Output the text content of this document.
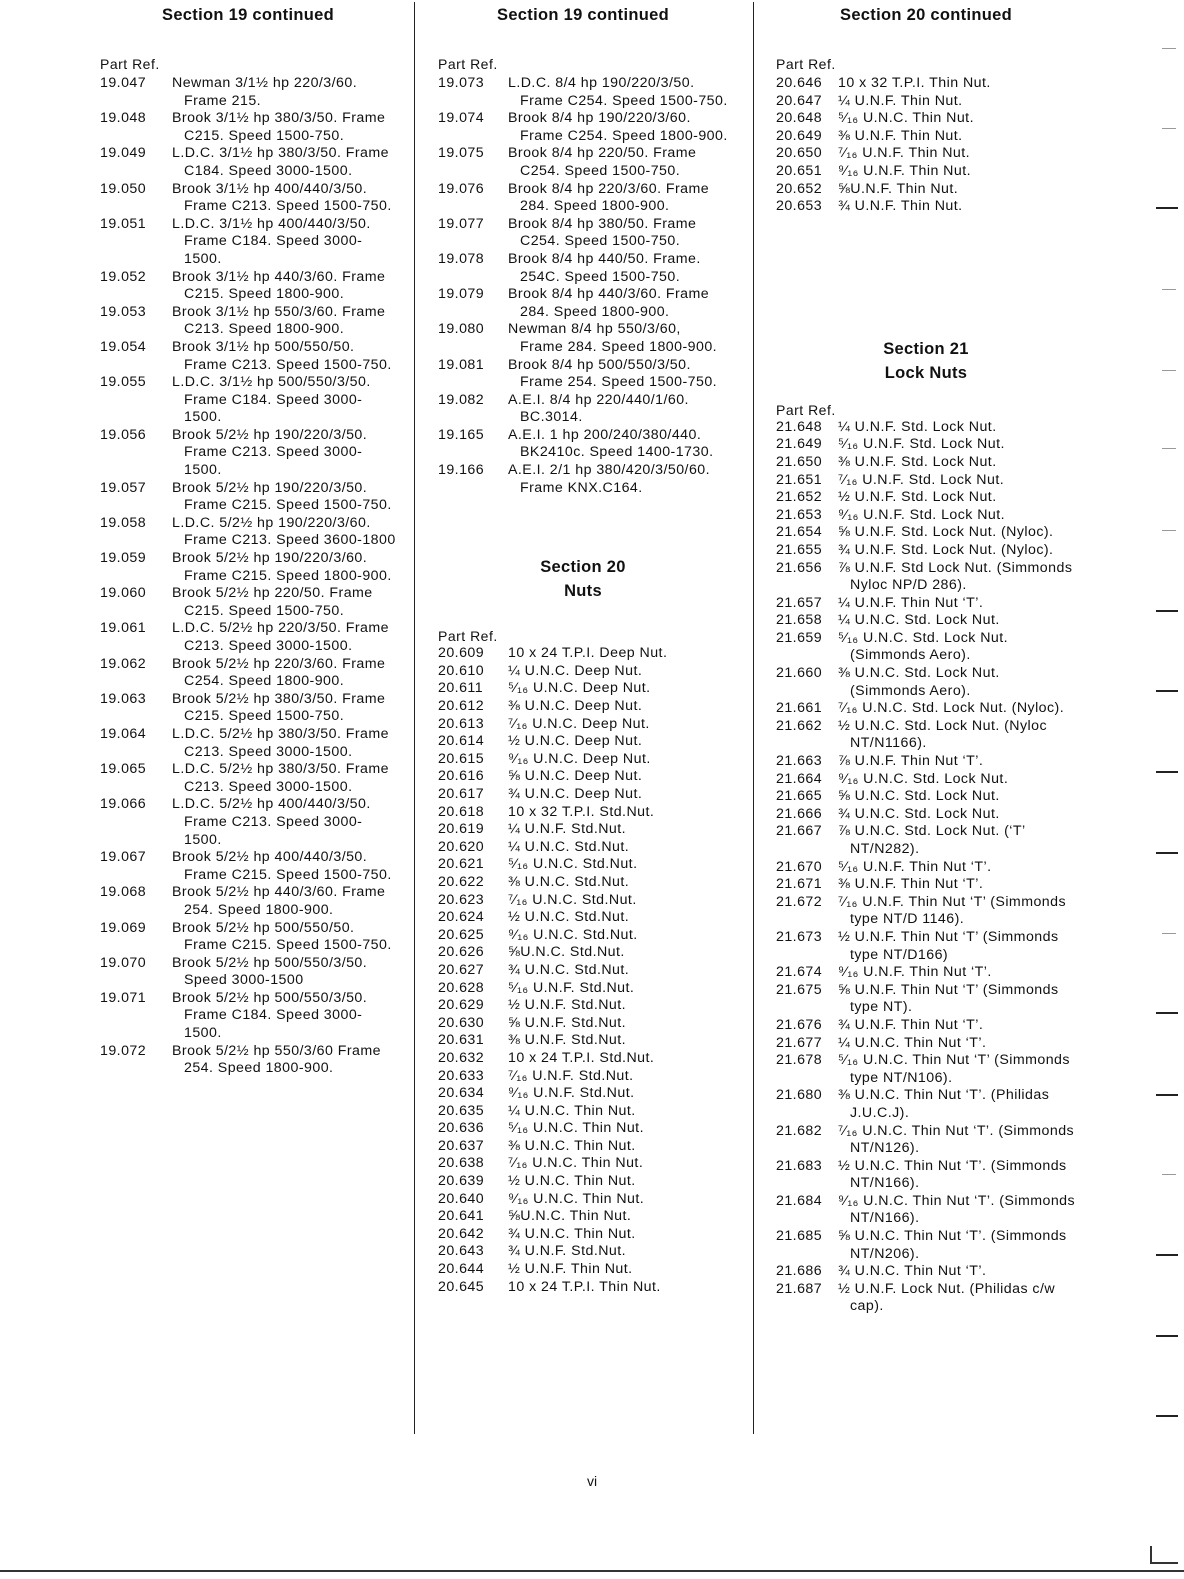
Section 19 continued
Part Ref.
19.047	Newman 3/1½ hp 220/3/60. Frame 215.
19.048	Brook 3/1½ hp 380/3/50. Frame C215. Speed 1500-750.
19.049	L.D.C. 3/1½ hp 380/3/50. Frame C184. Speed 3000-1500.
19.050	Brook 3/1½ hp 400/440/3/50. Frame C213. Speed 1500-750.
19.051	L.D.C. 3/1½ hp 400/440/3/50. Frame C184. Speed 3000-1500.
19.052	Brook 3/1½ hp 440/3/60. Frame C215. Speed 1800-900.
19.053	Brook 3/1½ hp 550/3/60. Frame C213. Speed 1800-900.
19.054	Brook 3/1½ hp 500/550/50. Frame C213. Speed 1500-750.
19.055	L.D.C. 3/1½ hp 500/550/3/50. Frame C184. Speed 3000-1500.
19.056	Brook 5/2½ hp 190/220/3/50. Frame C213. Speed 3000-1500.
19.057	Brook 5/2½ hp 190/220/3/50. Frame C215. Speed 1500-750.
19.058	L.D.C. 5/2½ hp 190/220/3/60. Frame C213. Speed 3600-1800
19.059	Brook 5/2½ hp 190/220/3/60. Frame C215. Speed 1800-900.
19.060	Brook 5/2½ hp 220/50. Frame C215. Speed 1500-750.
19.061	L.D.C. 5/2½ hp 220/3/50. Frame C213. Speed 3000-1500.
19.062	Brook 5/2½ hp 220/3/60. Frame C254. Speed 1800-900.
19.063	Brook 5/2½ hp 380/3/50. Frame C215. Speed 1500-750.
19.064	L.D.C. 5/2½ hp 380/3/50. Frame C213. Speed 3000-1500.
19.065	L.D.C. 5/2½ hp 380/3/50. Frame C213. Speed 3000-1500.
19.066	L.D.C. 5/2½ hp 400/440/3/50. Frame C213. Speed 3000-1500.
19.067	Brook 5/2½ hp 400/440/3/50. Frame C215. Speed 1500-750.
19.068	Brook 5/2½ hp 440/3/60. Frame 254. Speed 1800-900.
19.069	Brook 5/2½ hp 500/550/50. Frame C215. Speed 1500-750.
19.070	Brook 5/2½ hp 500/550/3/50. Speed 3000-1500
19.071	Brook 5/2½ hp 500/550/3/50. Frame C184. Speed 3000-1500.
19.072	Brook 5/2½ hp 550/3/60 Frame 254. Speed 1800-900.
Section 19 continued
Part Ref.
19.073	L.D.C. 8/4 hp 190/220/3/50. Frame C254. Speed 1500-750.
19.074	Brook 8/4 hp 190/220/3/60. Frame C254. Speed 1800-900.
19.075	Brook 8/4 hp 220/50. Frame C254. Speed 1500-750.
19.076	Brook 8/4 hp 220/3/60. Frame 284. Speed 1800-900.
19.077	Brook 8/4 hp 380/50. Frame C254. Speed 1500-750.
19.078	Brook 8/4 hp 440/50. Frame. 254C. Speed 1500-750.
19.079	Brook 8/4 hp 440/3/60. Frame 284. Speed 1800-900.
19.080	Newman 8/4 hp 550/3/60, Frame 284. Speed 1800-900.
19.081	Brook 8/4 hp 500/550/3/50. Frame 254. Speed 1500-750.
19.082	A.E.I. 8/4 hp 220/440/1/60. BC.3014.
19.165	A.E.I. 1 hp 200/240/380/440. BK2410c. Speed 1400-1730.
19.166	A.E.I. 2/1 hp 380/420/3/50/60. Frame KNX.C164.
Section 20
Nuts
Part Ref.
20.609	10 x 24 T.P.I. Deep Nut.
20.610	¼ U.N.C. Deep Nut.
20.611	⁵⁄₁₆ U.N.C. Deep Nut.
20.612	⅜ U.N.C. Deep Nut.
20.613	⁷⁄₁₆ U.N.C. Deep Nut.
20.614	½ U.N.C. Deep Nut.
20.615	⁹⁄₁₆ U.N.C. Deep Nut.
20.616	⅝ U.N.C. Deep Nut.
20.617	¾ U.N.C. Deep Nut.
20.618	10 x 32 T.P.I. Std.Nut.
20.619	¼ U.N.F. Std.Nut.
20.620	¼ U.N.C. Std.Nut.
20.621	⁵⁄₁₆ U.N.C. Std.Nut.
20.622	⅜ U.N.C. Std.Nut.
20.623	⁷⁄₁₆ U.N.C. Std.Nut.
20.624	½ U.N.C. Std.Nut.
20.625	⁹⁄₁₆ U.N.C. Std.Nut.
20.626	⅝U.N.C. Std.Nut.
20.627	¾ U.N.C. Std.Nut.
20.628	⁵⁄₁₆ U.N.F. Std.Nut.
20.629	½ U.N.F. Std.Nut.
20.630	⅝ U.N.F. Std.Nut.
20.631	⅜ U.N.F. Std.Nut.
20.632	10 x 24 T.P.I. Std.Nut.
20.633	⁷⁄₁₆ U.N.F. Std.Nut.
20.634	⁹⁄₁₆ U.N.F. Std.Nut.
20.635	¼ U.N.C. Thin Nut.
20.636	⁵⁄₁₆ U.N.C. Thin Nut.
20.637	⅜ U.N.C. Thin Nut.
20.638	⁷⁄₁₆ U.N.C. Thin Nut.
20.639	½ U.N.C. Thin Nut.
20.640	⁹⁄₁₆ U.N.C. Thin Nut.
20.641	⅝U.N.C. Thin Nut.
20.642	¾ U.N.C. Thin Nut.
20.643	¾ U.N.F. Std.Nut.
20.644	½ U.N.F. Thin Nut.
20.645	10 x 24 T.P.I. Thin Nut.
Section 20 continued
Part Ref.
20.646	10 x 32 T.P.I. Thin Nut.
20.647	¼ U.N.F. Thin Nut.
20.648	⁵⁄₁₆ U.N.C. Thin Nut.
20.649	⅜ U.N.F. Thin Nut.
20.650	⁷⁄₁₆ U.N.F. Thin Nut.
20.651	⁹⁄₁₆ U.N.F. Thin Nut.
20.652	⅝U.N.F. Thin Nut.
20.653	¾ U.N.F. Thin Nut.
Section 21
Lock Nuts
Part Ref.
21.648	¼ U.N.F. Std. Lock Nut.
21.649	⁵⁄₁₆ U.N.F. Std. Lock Nut.
21.650	⅜ U.N.F. Std. Lock Nut.
21.651	⁷⁄₁₆ U.N.F. Std. Lock Nut.
21.652	½ U.N.F. Std. Lock Nut.
21.653	⁹⁄₁₆ U.N.F. Std. Lock Nut.
21.654	⅝ U.N.F. Std. Lock Nut. (Nyloc).
21.655	¾ U.N.F. Std. Lock Nut. (Nyloc).
21.656	⅞ U.N.F. Std Lock Nut. (Simmonds Nyloc NP/D 286).
21.657	¼ U.N.F. Thin Nut ‘T’.
21.658	¼ U.N.C. Std. Lock Nut.
21.659	⁵⁄₁₆ U.N.C. Std. Lock Nut. (Simmonds Aero).
21.660	⅜ U.N.C. Std. Lock Nut. (Simmonds Aero).
21.661	⁷⁄₁₆ U.N.C. Std. Lock Nut. (Nyloc).
21.662	½ U.N.C. Std. Lock Nut. (Nyloc NT/N1166).
21.663	⅞ U.N.F. Thin Nut ‘T’.
21.664	⁹⁄₁₆ U.N.C. Std. Lock Nut.
21.665	⅝ U.N.C. Std. Lock Nut.
21.666	¾ U.N.C. Std. Lock Nut.
21.667	⅞ U.N.C. Std. Lock Nut. (‘T’ NT/N282).
21.670	⁵⁄₁₆ U.N.F. Thin Nut ‘T’.
21.671	⅜ U.N.F. Thin Nut ‘T’.
21.672	⁷⁄₁₆ U.N.F. Thin Nut ‘T’ (Simmonds type NT/D 1146).
21.673	½ U.N.F. Thin Nut ‘T’ (Simmonds type NT/D166)
21.674	⁹⁄₁₆ U.N.F. Thin Nut ‘T’.
21.675	⅝ U.N.F. Thin Nut ‘T’ (Simmonds type NT).
21.676	¾ U.N.F. Thin Nut ‘T’.
21.677	¼ U.N.C. Thin Nut ‘T’.
21.678	⁵⁄₁₆ U.N.C. Thin Nut ‘T’ (Simmonds type NT/N106).
21.680	⅜ U.N.C. Thin Nut ‘T’. (Philidas J.U.C.J).
21.682	⁷⁄₁₆ U.N.C. Thin Nut ‘T’. (Simmonds NT/N126).
21.683	½ U.N.C. Thin Nut ‘T’. (Simmonds NT/N166).
21.684	⁹⁄₁₆ U.N.C. Thin Nut ‘T’. (Simmonds NT/N166).
21.685	⅝ U.N.C. Thin Nut ‘T’. (Simmonds NT/N206).
21.686	¾ U.N.C. Thin Nut ‘T’.
21.687	½ U.N.F. Lock Nut. (Philidas c/w cap).
vi
